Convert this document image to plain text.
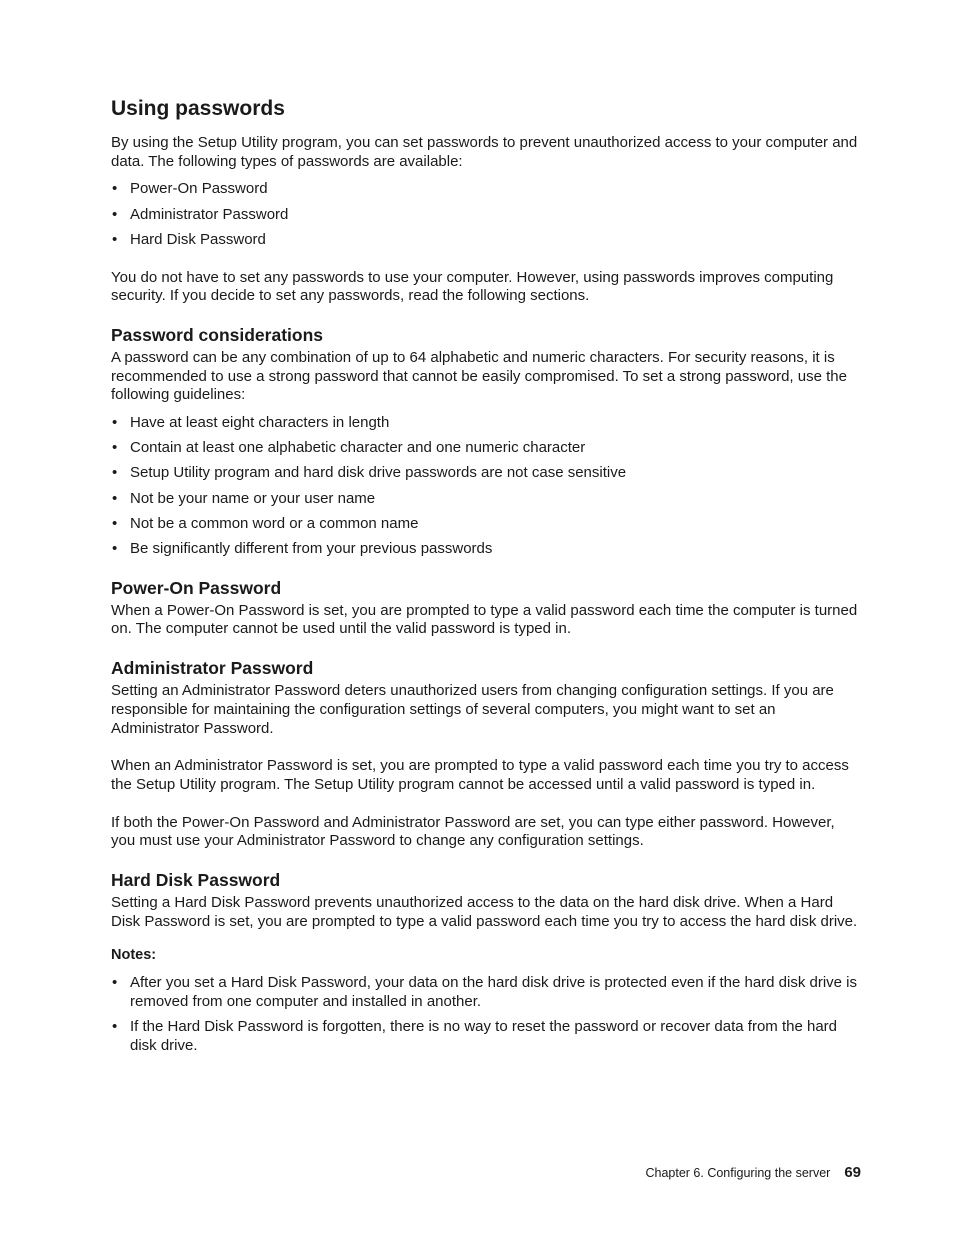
Using passwords

By using the Setup Utility program, you can set passwords to prevent unauthorized access to your computer and data. The following types of passwords are available:

• Power-On Password
• Administrator Password
• Hard Disk Password

You do not have to set any passwords to use your computer. However, using passwords improves computing security. If you decide to set any passwords, read the following sections.

Password considerations

A password can be any combination of up to 64 alphabetic and numeric characters. For security reasons, it is recommended to use a strong password that cannot be easily compromised. To set a strong password, use the following guidelines:

• Have at least eight characters in length
• Contain at least one alphabetic character and one numeric character
• Setup Utility program and hard disk drive passwords are not case sensitive
• Not be your name or your user name
• Not be a common word or a common name
• Be significantly different from your previous passwords
Power-On Password

When a Power-On Password is set, you are prompted to type a valid password each time the computer is turned on. The computer cannot be used until the valid password is typed in.

Administrator Password

Setting an Administrator Password deters unauthorized users from changing configuration settings. If you are responsible for maintaining the configuration settings of several computers, you might want to set an Administrator Password.

When an Administrator Password is set, you are prompted to type a valid password each time you try to access the Setup Utility program. The Setup Utility program cannot be accessed until a valid password is typed in.

If both the Power-On Password and Administrator Password are set, you can type either password. However, you must use your Administrator Password to change any configuration settings.

Hard Disk Password

Setting a Hard Disk Password prevents unauthorized access to the data on the hard disk drive. When a Hard Disk Password is set, you are prompted to type a valid password each time you try to access the hard disk drive.

Notes:
• After you set a Hard Disk Password, your data on the hard disk drive is protected even if the hard disk drive is removed from one computer and installed in another.
• If the Hard Disk Password is forgotten, there is no way to reset the password or recover data from the hard disk drive.
Chapter 6. Configuring the server 69
